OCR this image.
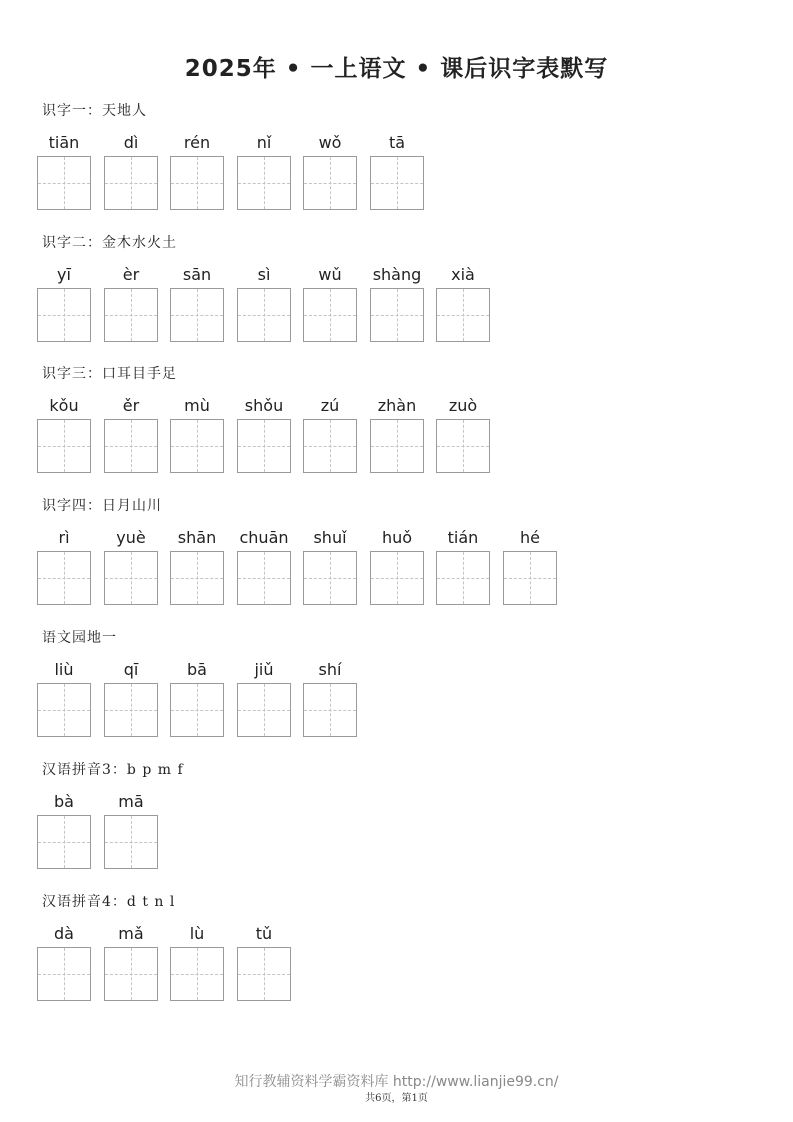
2025年 • 一上语文 • 课后识字表默写
识字一：天地人
tiān	dì	rén	nǐ	wǒ	tā
识字二：金木水火土
yī	èr	sān	sì	wǔ	shàng	xià
识字三：口耳目手足
kǒu	ěr	mù	shǒu	zú	zhàn	zuò
识字四：日月山川
rì	yuè	shān	chuān	shuǐ	huǒ	tián	hé
语文园地一
liù	qī	bā	jiǔ	shí
汉语拼音3：b p m f
bà	mā
汉语拼音4：d t n l
dà	mǎ	lù	tǔ
知行教辅资料学霸资料库 http://www.lianjie99.cn/
共6页，第1页
